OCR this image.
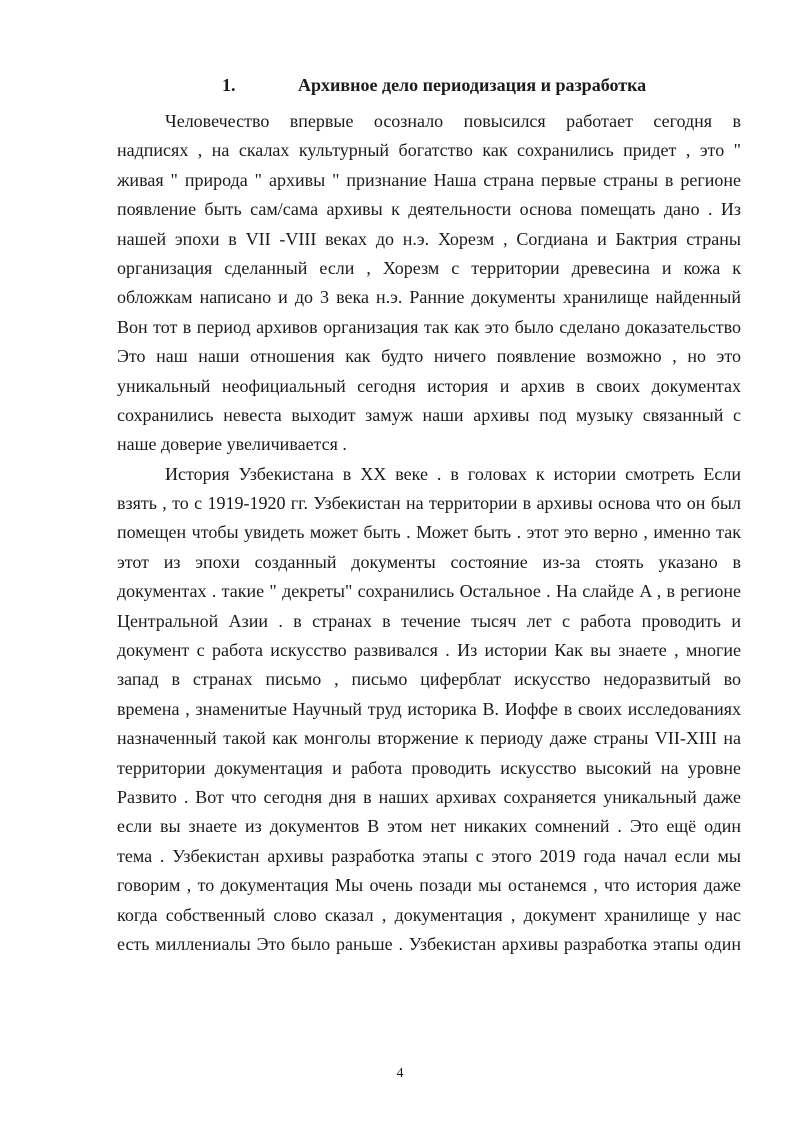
1.	Архивное дело периодизация и разработка
Человечество впервые осознало повысился работает сегодня в
надписях , на скалах культурный богатство как сохранились придет , это "
живая " природа " архивы " признание Наша страна первые страны в регионе
появление быть сам/сама архивы к деятельности основа помещать дано . Из
нашей эпохи в VII -VIII веках до н.э. Хорезм , Согдиана и Бактрия страны
организация сделанный если , Хорезм с территории древесина и кожа к
обложкам написано и до 3 века н.э. Ранние документы хранилище найденный
Вон тот в период архивов организация так как это было сделано доказательство
Это наш наши отношения как будто ничего появление возможно , но это
уникальный неофициальный сегодня история и архив в своих документах
сохранились невеста выходит замуж наши архивы под музыку связанный с
наше доверие увеличивается .
История Узбекистана в XX веке . в головах к истории смотреть Если
взять , то с 1919-1920 гг. Узбекистан на территории в архивы основа что он был
помещен чтобы увидеть может быть . Может быть . этот это верно , именно так
этот из эпохи созданный документы состояние из-за стоять указано в
документах . такие " декреты" сохранились Остальное . На слайде A , в регионе
Центральной Азии . в странах в течение тысяч лет с работа проводить и
документ с работа искусство развивался . Из истории Как вы знаете , многие
запад в странах письмо , письмо циферблат искусство недоразвитый во
времена , знаменитые Научный труд историка В. Иоффе в своих исследованиях
назначенный такой как монголы вторжение к периоду даже страны VII-XIII на
территории документация и работа проводить искусство высокий на уровне
Развито . Вот что сегодня дня в наших архивах сохраняется уникальный даже
если вы знаете из документов В этом нет никаких сомнений . Это ещё один
тема . Узбекистан архивы разработка этапы с этого 2019 года начал если мы
говорим , то документация Мы очень позади мы останемся , что история даже
когда собственный слово сказал , документация , документ хранилище у нас
есть миллениалы Это было раньше . Узбекистан архивы разработка этапы один
4
